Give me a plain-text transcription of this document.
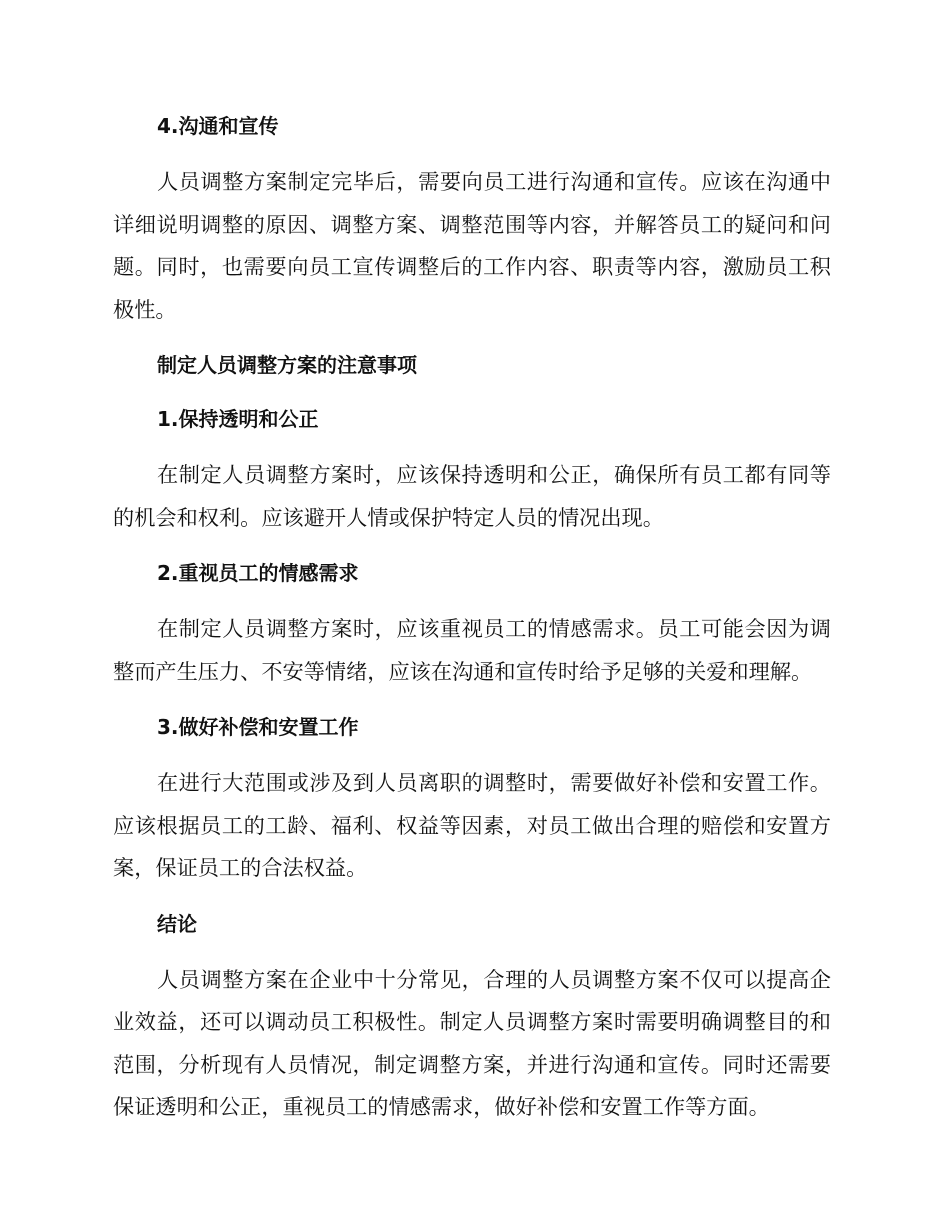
4.沟通和宣传

人员调整方案制定完毕后，需要向员工进行沟通和宣传。应该在沟通中详细说明调整的原因、调整方案、调整范围等内容，并解答员工的疑问和问题。同时，也需要向员工宣传调整后的工作内容、职责等内容，激励员工积极性。

制定人员调整方案的注意事项
1.保持透明和公正

在制定人员调整方案时，应该保持透明和公正，确保所有员工都有同等的机会和权利。应该避开人情或保护特定人员的情况出现。

2.重视员工的情感需求

在制定人员调整方案时，应该重视员工的情感需求。员工可能会因为调整而产生压力、不安等情绪，应该在沟通和宣传时给予足够的关爱和理解。

3.做好补偿和安置工作

在进行大范围或涉及到人员离职的调整时，需要做好补偿和安置工作。应该根据员工的工龄、福利、权益等因素，对员工做出合理的赔偿和安置方案，保证员工的合法权益。

结论

人员调整方案在企业中十分常见，合理的人员调整方案不仅可以提高企业效益，还可以调动员工积极性。制定人员调整方案时需要明确调整目的和范围，分析现有人员情况，制定调整方案，并进行沟通和宣传。同时还需要保证透明和公正，重视员工的情感需求，做好补偿和安置工作等方面。
